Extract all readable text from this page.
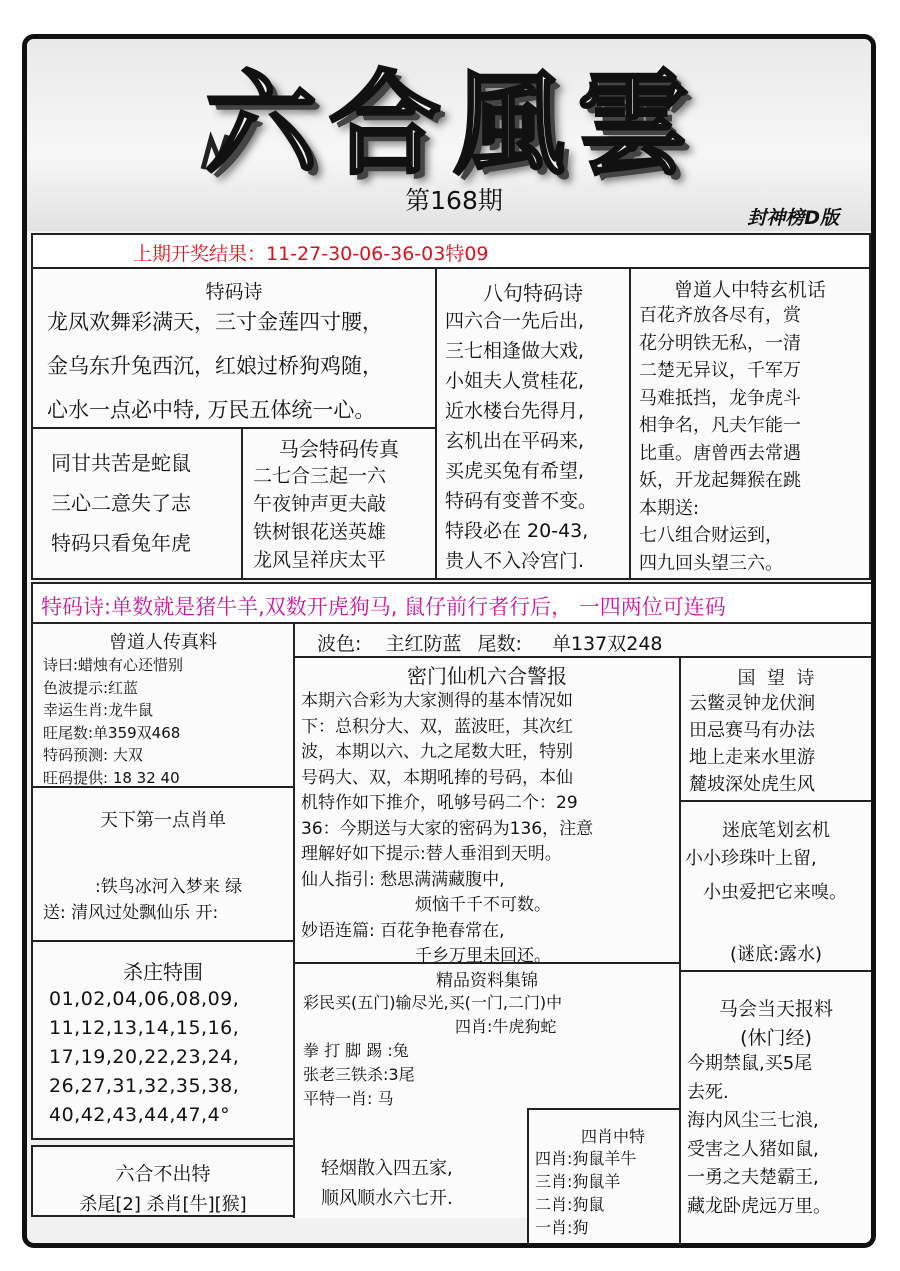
六合風雲
第168期
封神榜D版
上期开奖结果：11-27-30-06-36-03特09
特码诗
龙凤欢舞彩满天，三寸金莲四寸腰，
金乌东升兔西沉，红娘过桥狗鸡随，
心水一点必中特, 万民五体统一心。
八句特码诗
四六合一先后出,
三七相逢做大戏,
小姐夫人赏桂花,
近水楼台先得月,
玄机出在平码来,
买虎买兔有希望,
特码有变普不变。
特段必在 20-43,
贵人不入冷宫门.
曾道人中特玄机话
百花齐放各尽有，赏
花分明铁无私，一清
二楚无异议，千军万
马难抵挡，龙争虎斗
相争名，凡夫乍能一
比重。唐曾西去常遇
妖，开龙起舞猴在跳
本期送:
七八组合财运到，
四九回头望三六。
同甘共苦是蛇鼠
三心二意失了志
特码只看兔年虎
马会特码传真
二七合三起一六
午夜钟声更夫敲
铁树银花送英雄
龙风呈祥庆太平
特码诗:单数就是猪牛羊,双数开虎狗马, 鼠仔前行者行后， 一四两位可连码
曾道人传真料
诗曰:蜡烛有心还惜别
色波提示:红蓝
幸运生肖:龙牛鼠
旺尾数:单359双468
特码预测: 大双
旺码提供: 18 32 40
天下第一点肖单
:铁鸟冰河入梦来 绿
送: 清风过处飘仙乐 开:
杀庄特围
01,02,04,06,08,09,
11,12,13,14,15,16,
17,19,20,22,23,24,
26,27,31,32,35,38,
40,42,43,44,47,4°
六合不出特
杀尾[2] 杀肖[牛][猴]
波色: 主红防蓝 尾数: 单137双248
密门仙机六合警报
本期六合彩为大家测得的基本情况如
下：总积分大、双，蓝波旺，其次红
波，本期以六、九之尾数大旺，特别
号码大、双，本期吼捧的号码，本仙
机特作如下推介，吼够号码二个：29
36：今期送与大家的密码为136，注意
理解好如下提示:替人垂泪到天明。
仙人指引: 愁思满满藏腹中,
烦恼千千不可数。
妙语连篇: 百花争艳春常在,
千乡万里未回还。
精品资料集锦
彩民买(五门)输尽光,买(一门,二门)中
四肖:牛虎狗蛇
拳 打 脚 踢 :兔
张老三铁杀:3尾
平特一肖: 马
轻烟散入四五家,
顺风顺水六七开.
四肖中特
四肖:狗鼠羊牛
三肖:狗鼠羊
二肖:狗鼠
一肖:狗
国  望  诗
云鳖灵钟龙伏涧
田忌赛马有办法
地上走来水里游
麓坡深处虎生风
迷底笔划玄机
小小珍珠叶上留,
小虫爱把它来嗅。
(谜底:露水)
马会当天报料
(休门经)
今期禁鼠,买5尾
去死.
海内风尘三七浪,
受害之人猪如鼠,
一勇之夫楚霸王,
藏龙卧虎远万里。
